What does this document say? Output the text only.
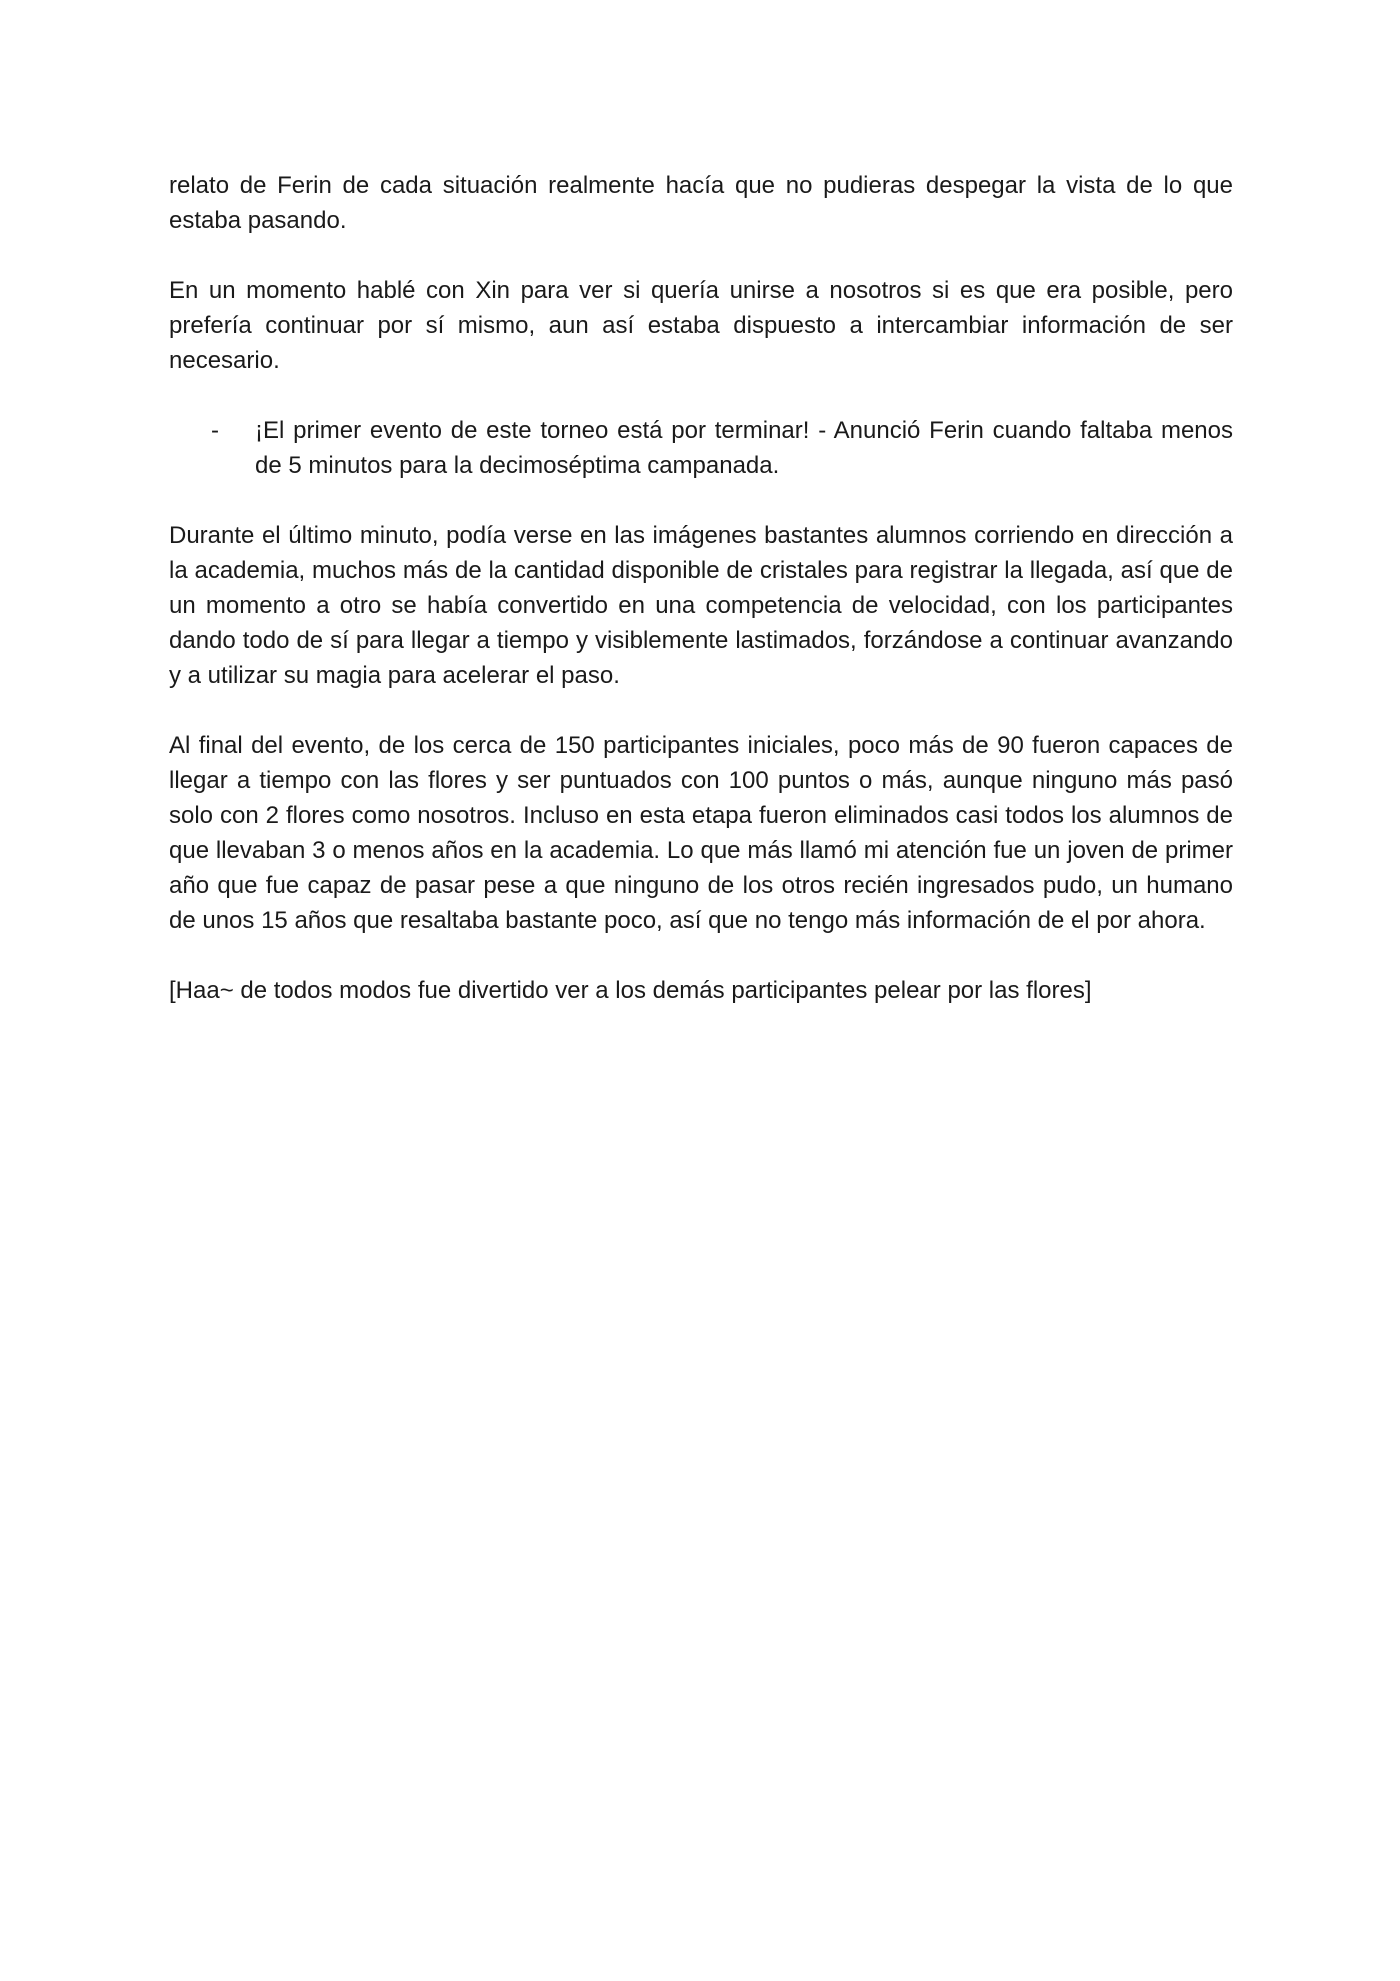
relato de Ferin de cada situación realmente hacía que no pudieras despegar la vista de lo que estaba pasando.

En un momento hablé con Xin para ver si quería unirse a nosotros si es que era posible, pero prefería continuar por sí mismo, aun así estaba dispuesto a intercambiar información de ser necesario.

- ¡El primer evento de este torneo está por terminar! - Anunció Ferin cuando faltaba menos de 5 minutos para la decimoséptima campanada.

Durante el último minuto, podía verse en las imágenes bastantes alumnos corriendo en dirección a la academia, muchos más de la cantidad disponible de cristales para registrar la llegada, así que de un momento a otro se había convertido en una competencia de velocidad, con los participantes dando todo de sí para llegar a tiempo y visiblemente lastimados, forzándose a continuar avanzando y a utilizar su magia para acelerar el paso.

Al final del evento, de los cerca de 150 participantes iniciales, poco más de 90 fueron capaces de llegar a tiempo con las flores y ser puntuados con 100 puntos o más, aunque ninguno más pasó solo con 2 flores como nosotros. Incluso en esta etapa fueron eliminados casi todos los alumnos de que llevaban 3 o menos años en la academia. Lo que más llamó mi atención fue un joven de primer año que fue capaz de pasar pese a que ninguno de los otros recién ingresados pudo, un humano de unos 15 años que resaltaba bastante poco, así que no tengo más información de el por ahora.

[Haa~ de todos modos fue divertido ver a los demás participantes pelear por las flores]
